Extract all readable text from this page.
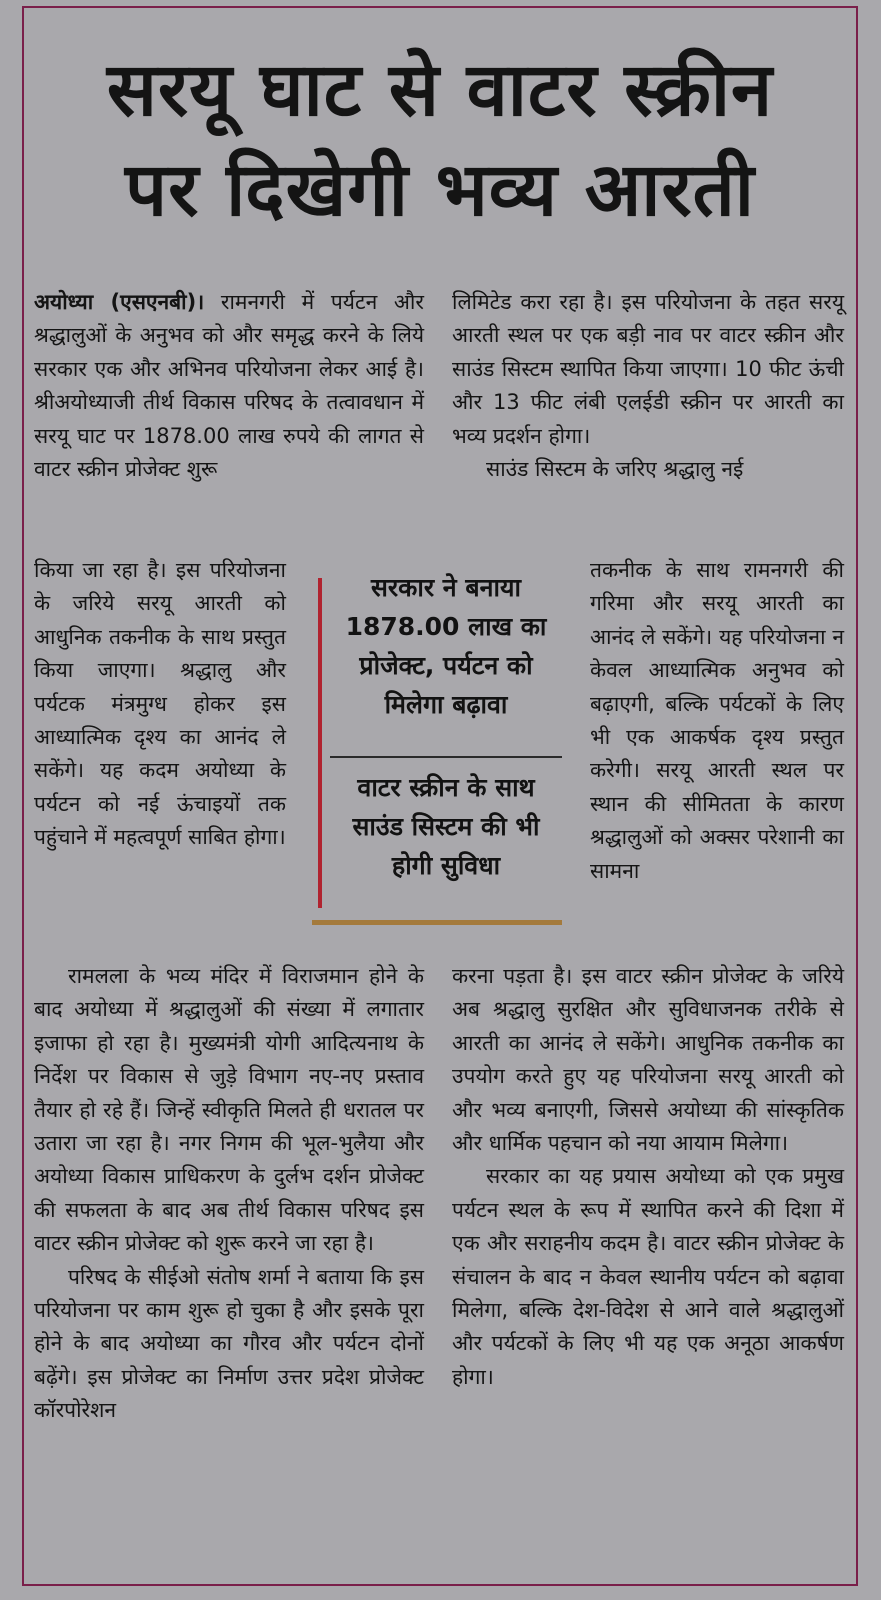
सरयू घाट से वाटर स्क्रीन
पर दिखेगी भव्य आरती

अयोध्या (एसएनबी)। रामनगरी में पर्यटन और श्रद्धालुओं के अनुभव को और समृद्ध करने के लिये सरकार एक और अभिनव परियोजना लेकर आई है। श्रीअयोध्याजी तीर्थ विकास परिषद के तत्वावधान में सरयू घाट पर 1878.00 लाख रुपये की लागत से वाटर स्क्रीन प्रोजेक्ट शुरू

किया जा रहा है। इस परियोजना के जरिये सरयू आरती को आधुनिक तकनीक के साथ प्रस्तुत किया जाएगा। श्रद्धालु और पर्यटक मंत्रमुग्ध होकर इस आध्यात्मिक दृश्य का आनंद ले सकेंगे। यह कदम अयोध्या के पर्यटन को नई ऊंचाइयों तक पहुंचाने में महत्वपूर्ण साबित होगा।

रामलला के भव्य मंदिर में विराजमान होने के बाद अयोध्या में श्रद्धालुओं की संख्या में लगातार इजाफा हो रहा है। मुख्यमंत्री योगी आदित्यनाथ के निर्देश पर विकास से जुड़े विभाग नए-नए प्रस्ताव तैयार हो रहे हैं। जिन्हें स्वीकृति मिलते ही धरातल पर उतारा जा रहा है। नगर निगम की भूल-भुलैया और अयोध्या विकास प्राधिकरण के दुर्लभ दर्शन प्रोजेक्ट की सफलता के बाद अब तीर्थ विकास परिषद इस वाटर स्क्रीन प्रोजेक्ट को शुरू करने जा रहा है।

परिषद के सीईओ संतोष शर्मा ने बताया कि इस परियोजना पर काम शुरू हो चुका है और इसके पूरा होने के बाद अयोध्या का गौरव और पर्यटन दोनों बढ़ेंगे। इस प्रोजेक्ट का निर्माण उत्तर प्रदेश प्रोजेक्ट कॉरपोरेशन

लिमिटेड करा रहा है। इस परियोजना के तहत सरयू आरती स्थल पर एक बड़ी नाव पर वाटर स्क्रीन और साउंड सिस्टम स्थापित किया जाएगा। 10 फीट ऊंची और 13 फीट लंबी एलईडी स्क्रीन पर आरती का भव्य प्रदर्शन होगा।

साउंड सिस्टम के जरिए श्रद्धालु नई

तकनीक के साथ रामनगरी की गरिमा और सरयू आरती का आनंद ले सकेंगे। यह परियोजना न केवल आध्यात्मिक अनुभव को बढ़ाएगी, बल्कि पर्यटकों के लिए भी एक आकर्षक दृश्य प्रस्तुत करेगी। सरयू आरती स्थल पर स्थान की सीमितता के कारण श्रद्धालुओं को अक्सर परेशानी का सामना

करना पड़ता है। इस वाटर स्क्रीन प्रोजेक्ट के जरिये अब श्रद्धालु सुरक्षित और सुविधाजनक तरीके से आरती का आनंद ले सकेंगे। आधुनिक तकनीक का उपयोग करते हुए यह परियोजना सरयू आरती को और भव्य बनाएगी, जिससे अयोध्या की सांस्कृतिक और धार्मिक पहचान को नया आयाम मिलेगा।

सरकार का यह प्रयास अयोध्या को एक प्रमुख पर्यटन स्थल के रूप में स्थापित करने की दिशा में एक और सराहनीय कदम है। वाटर स्क्रीन प्रोजेक्ट के संचालन के बाद न केवल स्थानीय पर्यटन को बढ़ावा मिलेगा, बल्कि देश-विदेश से आने वाले श्रद्धालुओं और पर्यटकों के लिए भी यह एक अनूठा आकर्षण होगा।

सरकार ने बनाया 1878.00 लाख का प्रोजेक्ट, पर्यटन को मिलेगा बढ़ावा
वाटर स्क्रीन के साथ साउंड सिस्टम की भी होगी सुविधा
